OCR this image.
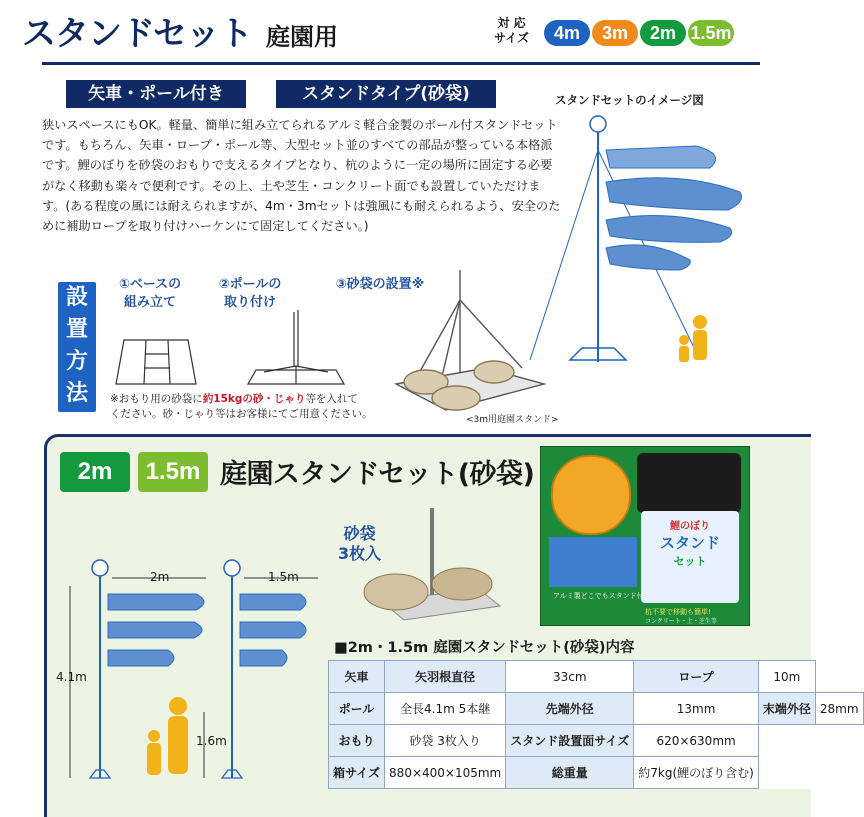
スタンドセット 庭園用	対 応
サイズ	4m	3m	2m 1.5m
矢車・ポール付き	スタンドタイプ(砂袋)
狭いスペースにもOK。軽量、簡単に組み立てられるアルミ軽合金製のポール付スタンドセットです。もちろん、矢車・ロープ・ポール等、大型セット並のすべての部品が整っている本格派です。鯉のぼりを砂袋のおもりで支えるタイプとなり、杭のように一定の場所に固定する必要がなく移動も楽々で便利です。その上、土や芝生・コンクリート面でも設置していただけます。(ある程度の風には耐えられますが、4m・3mセットは強風にも耐えられるよう、安全のために補助ロープを取り付けハーケンにて固定してください。)
設置方法
①ベースの
組み立て
②ポールの
取り付け
③砂袋の設置※
※おもり用の砂袋に約15kgの砂・じゃり等を入れて
ください。砂・じゃり等はお客様にてご用意ください。	<3m用庭園スタンド>
スタンドセットのイメージ図
2m	1.5m 庭園スタンドセット(砂袋)
鯉のぼり
スタンド
セット
杭不要で移動も簡単!
コンクリート・土・芝生等
アルミ製どこでもスタンド付
砂袋
3枚入
2m	1.5m
4.1m
1.6m
■2m・1.5m 庭園スタンドセット(砂袋)内容
矢車	矢羽根直径	33cm	ロープ	10m	
ポール	全長4.1m 5本継	先端外径	13mm	末端外径	28mm
おもり	砂袋 3枚入り	スタンド設置面サイズ	620×630mm		
箱サイズ	880×400×105mm	総重量	約7kg(鯉のぼり含む)		
